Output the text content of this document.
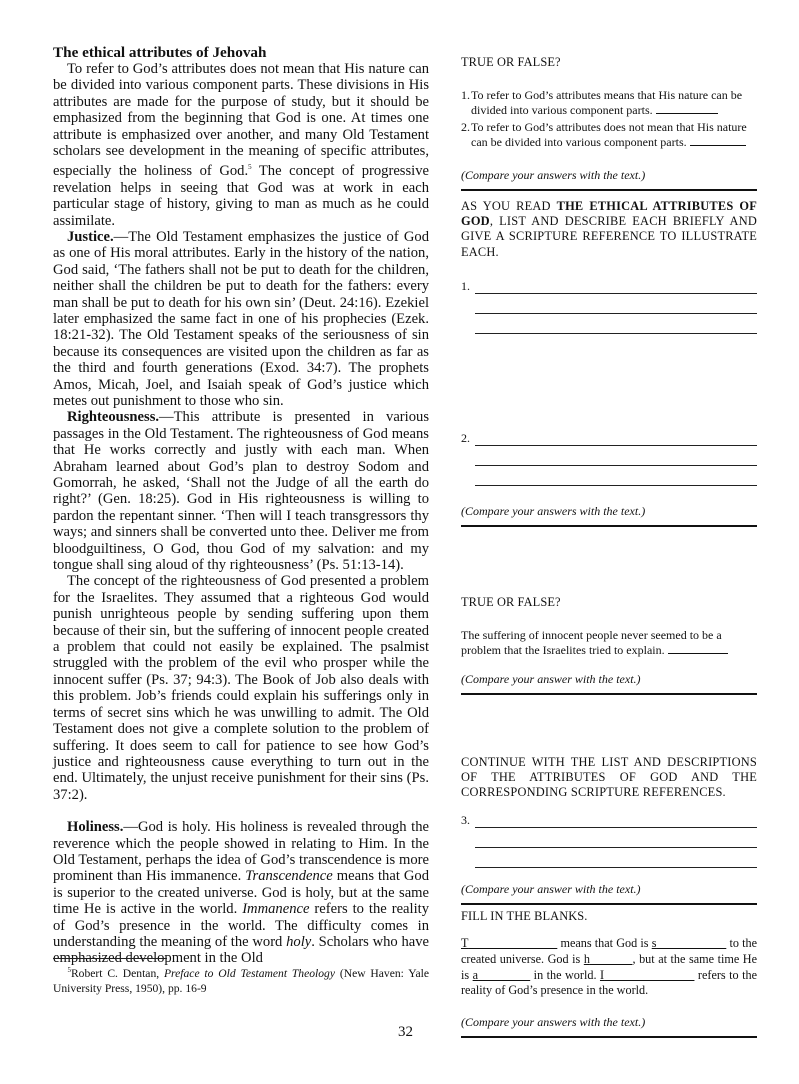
The ethical attributes of Jehovah

To refer to God’s attributes does not mean that His nature can be divided into various component parts. These divisions in His attributes are made for the purpose of study, but it should be emphasized from the beginning that God is one. At times one attribute is emphasized over another, and many Old Testament scholars see development in the meaning of specific attributes, especially the holiness of God.$^5$ The concept of progressive revelation helps in seeing that God was at work in each particular stage of history, giving to man as much as he could assimilate.

Justice.—The Old Testament emphasizes the justice of God as one of His moral attributes. Early in the history of the nation, God said, ‘The fathers shall not be put to death for the children, neither shall the children be put to death for the fathers: every man shall be put to death for his own sin’ (Deut. 24:16). Ezekiel later emphasized the same fact in one of his prophecies (Ezek. 18:21-32). The Old Testament speaks of the seriousness of sin because its consequences are visited upon the children as far as the third and fourth generations (Exod. 34:7). The prophets Amos, Micah, Joel, and Isaiah speak of God’s justice which metes out punishment to those who sin.

Righteousness.—This attribute is presented in various passages in the Old Testament. The righteousness of God means that He works correctly and justly with each man. When Abraham learned about God’s plan to destroy Sodom and Gomorrah, he asked, ‘Shall not the Judge of all the earth do right?’ (Gen. 18:25). God in His righteousness is willing to pardon the repentant sinner. ‘Then will I teach transgressors thy ways; and sinners shall be converted unto thee. Deliver me from bloodguiltiness, O God, thou God of my salvation: and my tongue shall sing aloud of thy righteousness’ (Ps. 51:13-14).

The concept of the righteousness of God presented a problem for the Israelites. They assumed that a righteous God would punish unrighteous people by sending suffering upon them because of their sin, but the suffering of innocent people created a problem that could not easily be explained. The psalmist struggled with the problem of the evil who prosper while the innocent suffer (Ps. 37; 94:3). The Book of Job also deals with this problem. Job’s friends could explain his sufferings only in terms of secret sins which he was unwilling to admit. The Old Testament does not give a complete solution to the problem of suffering. It does seem to call for patience to see how God’s justice and righteousness cause everything to turn out in the end. Ultimately, the unjust receive punishment for their sins (Ps. 37:2).

Holiness.—God is holy. His holiness is revealed through the reverence which the people showed in relating to Him. In the Old Testament, perhaps the idea of God’s transcendence is more prominent than His immanence. Transcendence means that God is superior to the created universe. God is holy, but at the same time He is active in the world. Immanence refers to the reality of God’s presence in the world. The difficulty comes in understanding the meaning of the word holy. Scholars who have emphasized development in the Old

$^5$Robert C. Dentan, Preface to Old Testament Theology (New Haven: Yale University Press, 1950), pp. 16-9
32
TRUE OR FALSE?
1. To refer to God’s attributes means that His nature can be divided into various component parts.
2. To refer to God’s attributes does not mean that His nature can be divided into various component parts.
(Compare your answers with the text.)
AS YOU READ THE ETHICAL ATTRIBUTES OF GOD, LIST AND DESCRIBE EACH BRIEFLY AND GIVE A SCRIPTURE REFERENCE TO ILLUSTRATE EACH.
1.
2.
(Compare your answers with the text.)
TRUE OR FALSE?
The suffering of innocent people never seemed to be a problem that the Israelites tried to explain.
(Compare your answer with the text.)
CONTINUE WITH THE LIST AND DESCRIPTIONS OF THE ATTRIBUTES OF GOD AND THE CORRESPONDING SCRIPTURE REFERENCES.
3.
(Compare your answer with the text.)
FILL IN THE BLANKS.
T	means that God is s	to the created universe. God is h	, but at the same time He is a	in the world. I	refers to the reality of God’s presence in the world.
(Compare your answers with the text.)
